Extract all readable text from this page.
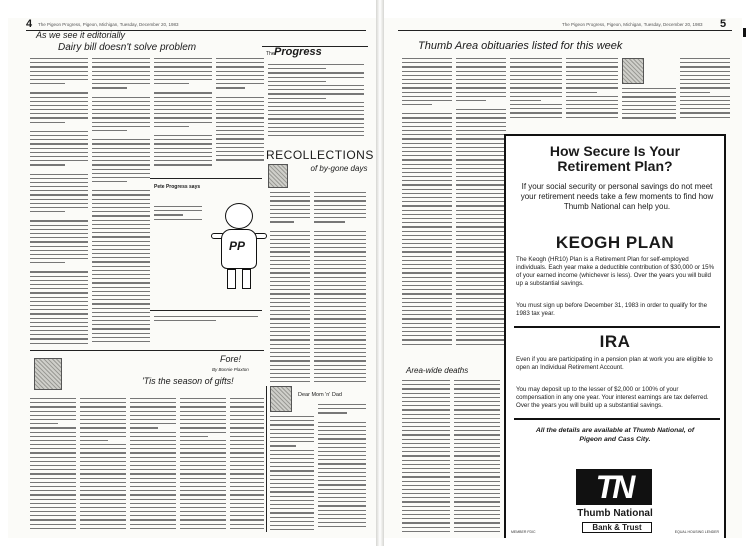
4 The Pigeon Progress, Pigeon, Michigan, Tuesday, December 20, 1983
As we see it editorially
Dairy bill doesn't solve problem
Pete Progress says
PP
The Progress
RECOLLECTIONS
of by-gone days
Fore!
By Bonnie Plaxton
'Tis the season of gifts!
Dear Mom 'n' Dad
The Pigeon Progress, Pigeon, Michigan, Tuesday, December 20, 1983 5
Thumb Area obituaries listed for this week
Area-wide deaths
How Secure Is Your Retirement Plan?
If your social security or personal savings do not meet your retirement needs take a few moments to find how Thumb National can help you.
KEOGH PLAN
The Keogh (HR10) Plan is a Retirement Plan for self-employed individuals. Each year make a deductible contribution of $30,000 or 15% of your earned income (whichever is less). Over the years you will build up a substantial savings.
You must sign up before December 31, 1983 in order to qualify for the 1983 tax year.
IRA
Even if you are participating in a pension plan at work you are eligible to open an Individual Retirement Account.
You may deposit up to the lesser of $2,000 or 100% of your compensation in any one year. Your interest earnings are tax deferred. Over the years you will build up a substantial savings.
All the details are available at Thumb National, of Pigeon and Cass City.
TN
Thumb National
Bank & Trust
MEMBER FDIC	EQUAL HOUSING LENDER
